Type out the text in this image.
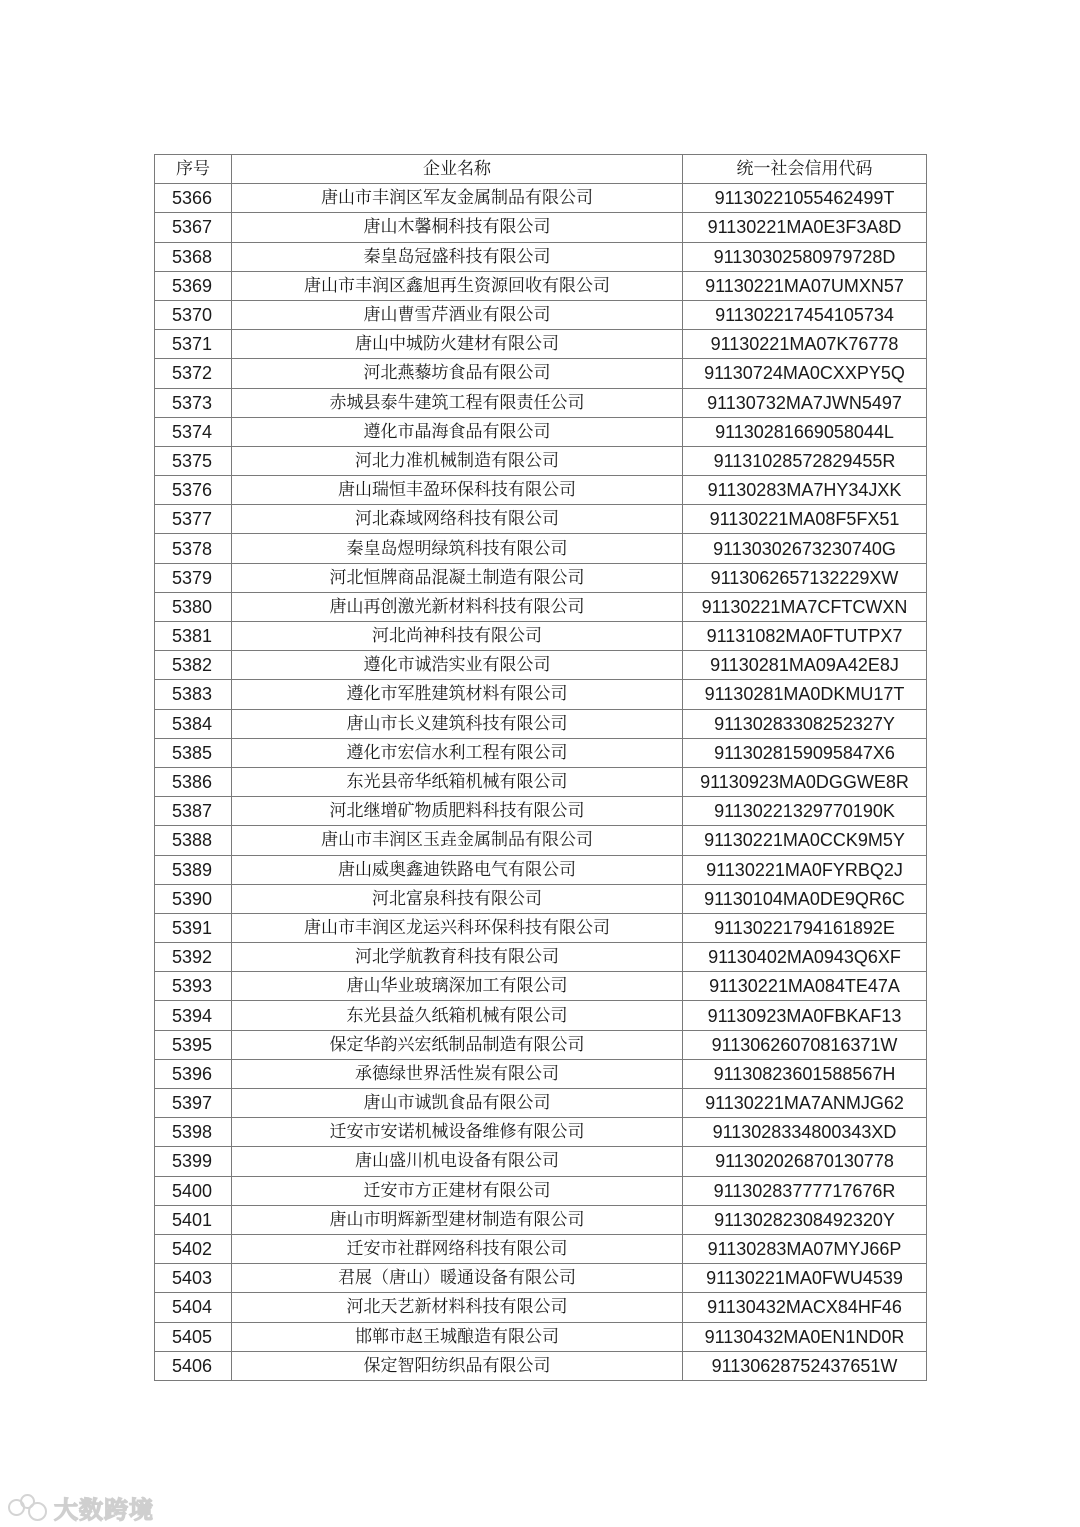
序号	企业名称	统一社会信用代码
5366	唐山市丰润区军友金属制品有限公司	91130221055462499T
5367	唐山木馨桐科技有限公司	91130221MA0E3F3A8D
5368	秦皇岛冠盛科技有限公司	91130302580979728D
5369	唐山市丰润区鑫旭再生资源回收有限公司	91130221MA07UMXN57
5370	唐山曹雪芹酒业有限公司	911302217454105734
5371	唐山中城防火建材有限公司	91130221MA07K76778
5372	河北燕藜坊食品有限公司	91130724MA0CXXPY5Q
5373	赤城县泰牛建筑工程有限责任公司	91130732MA7JWN5497
5374	遵化市晶海食品有限公司	91130281669058044L
5375	河北力准机械制造有限公司	91131028572829455R
5376	唐山瑞恒丰盈环保科技有限公司	91130283MA7HY34JXK
5377	河北森域网络科技有限公司	91130221MA08F5FX51
5378	秦皇岛煜明绿筑科技有限公司	91130302673230740G
5379	河北恒牌商品混凝土制造有限公司	911306265713222​9XW
5380	唐山再创激光新材料科技有限公司	91130221MA7CFTCWXN
5381	河北尚神科技有限公司	91131082MA0FTUTPX7
5382	遵化市诚浩实业有限公司	91130281MA09A42E8J
5383	遵化市军胜建筑材料有限公司	91130281MA0DKMU17T
5384	唐山市长义建筑科技有限公司	91130283308252327Y
5385	遵化市宏信水利工程有限公司	9113028159095847X6
5386	东光县帝华纸箱机械有限公司	91130923MA0DGGWE8R
5387	河北继增矿物质肥料科技有限公司	91130221329770190K
5388	唐山市丰润区玉垚金属制品有限公司	91130221MA0CCK9M5Y
5389	唐山威奥鑫迪铁路电气有限公司	91130221MA0FYRBQ2J
5390	河北富泉科技有限公司	91130104MA0DE9QR6C
5391	唐山市丰润区龙运兴科环保科技有限公司	91130221794161892E
5392	河北学航教育科技有限公司	91130402MA0943Q6XF
5393	唐山华业玻璃深加工有限公司	91130221MA084TE47A
5394	东光县益久纸箱机械有限公司	91130923MA0FBKAF13
5395	保定华韵兴宏纸制品制造有限公司	91130626070816371W
5396	承德绿世界活性炭有限公司	91130823601588567H
5397	唐山市诚凯食品有限公司	91130221MA7ANMJG62
5398	迁安市安诺机械设备维修有限公司	9113028334800343XD
5399	唐山盛川机电设备有限公司	911302026870130778
5400	迁安市方正建材有限公司	91130283777717676R
5401	唐山市明辉新型建材制造有限公司	91130282308492320Y
5402	迁安市社群网络科技有限公司	91130283MA07MYJ66P
5403	君展（唐山）暖通设备有限公司	91130221MA0FWU4539
5404	河北天艺新材料科技有限公司	91130432MACX84HF46
5405	邯郸市赵王城酿造有限公司	91130432MA0EN1ND0R
5406	保定智阳纺织品有限公司	91130628752437651W
大数跨境
